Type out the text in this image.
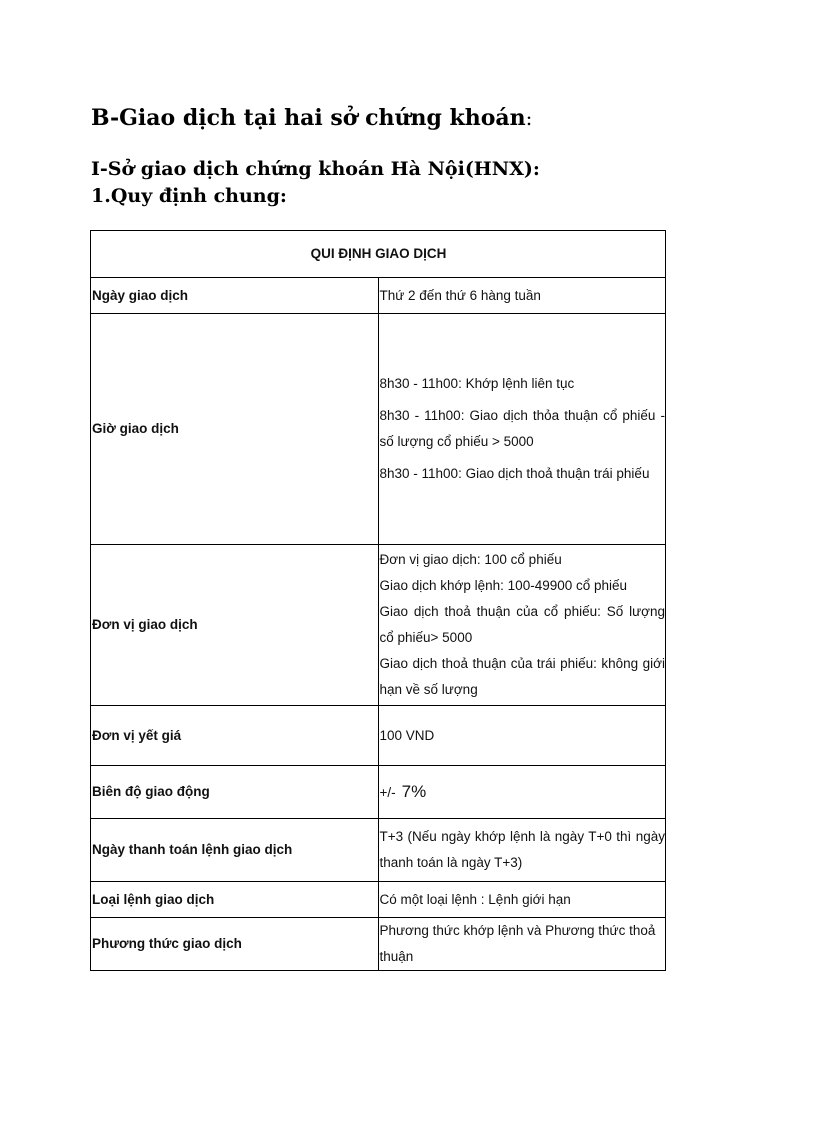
B-Giao dịch tại hai sở chứng khoán:
I-Sở giao dịch chứng khoán Hà Nội(HNX):
1.Quy định chung:
QUI ĐỊNH GIAO DỊCH	
Ngày giao dịch	Thứ 2 đến thứ 6 hàng tuần
Giờ giao dịch	8h30 - 11h00: Khớp lệnh liên tục
8h30 - 11h00: Giao dịch thỏa thuận cổ phiếu - số lượng cổ phiếu > 5000
8h30 - 11h00: Giao dịch thoả thuận trái phiếu

Đơn vị giao dịch	Đơn vị giao dịch: 100 cổ phiếu
Giao dịch khớp lệnh: 100-49900 cổ phiếu
Giao dịch thoả thuận của cổ phiếu: Số lượng cổ phiếu> 5000
Giao dịch thoả thuận của trái phiếu: không giới hạn về số lượng

Đơn vị yết giá	100 VND
Biên độ giao động	+/- 7%
Ngày thanh toán lệnh giao dịch	T+3 (Nếu ngày khớp lệnh là ngày T+0 thì ngày thanh toán là ngày T+3)
Loại lệnh giao dịch	Có một loại lệnh : Lệnh giới hạn
Phương thức giao dịch	Phương thức khớp lệnh và Phương thức thoả thuận
